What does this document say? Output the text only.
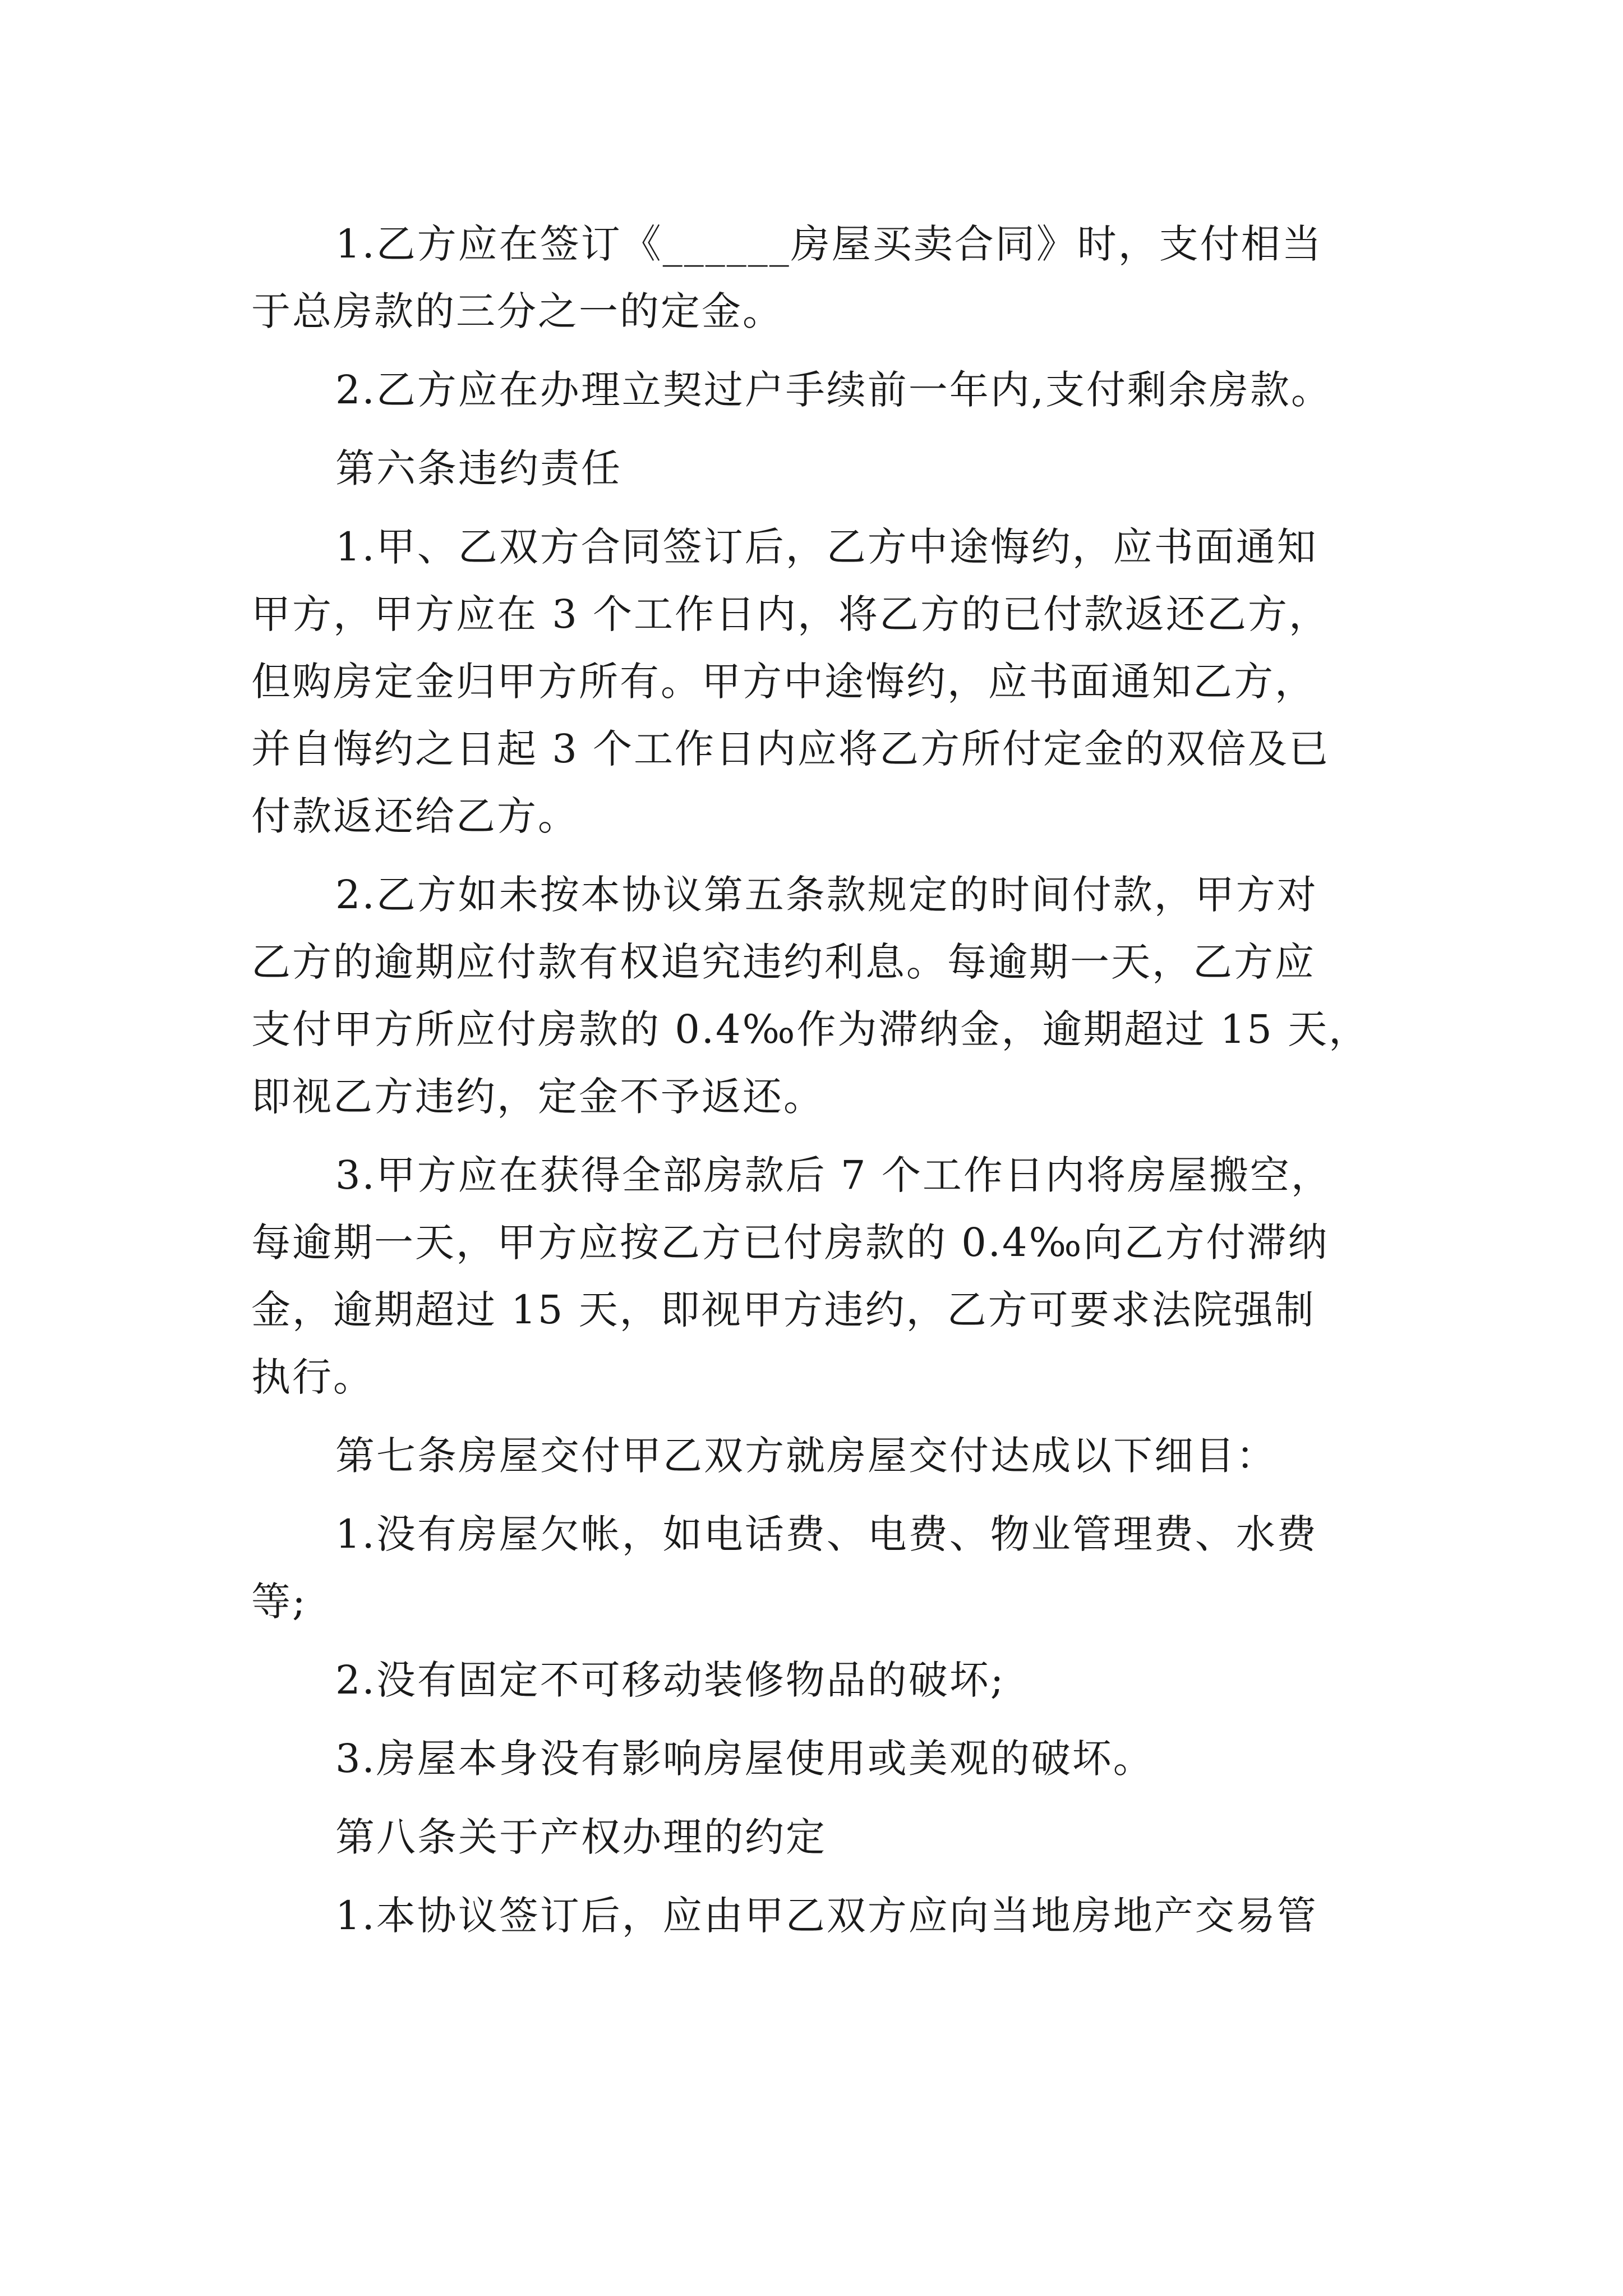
1.乙方应在签订《______房屋买卖合同》时，支付相当
于总房款的三分之一的定金。
2.乙方应在办理立契过户手续前一年内,支付剩余房款。
第六条违约责任
1.甲、乙双方合同签订后，乙方中途悔约，应书面通知
甲方，甲方应在 3 个工作日内，将乙方的已付款返还乙方，
但购房定金归甲方所有。甲方中途悔约，应书面通知乙方，
并自悔约之日起 3 个工作日内应将乙方所付定金的双倍及已
付款返还给乙方。
2.乙方如未按本协议第五条款规定的时间付款，甲方对
乙方的逾期应付款有权追究违约利息。每逾期一天，乙方应
支付甲方所应付房款的 0.4‰作为滞纳金，逾期超过 15 天，
即视乙方违约，定金不予返还。
3.甲方应在获得全部房款后 7 个工作日内将房屋搬空，
每逾期一天，甲方应按乙方已付房款的 0.4‰向乙方付滞纳
金，逾期超过 15 天，即视甲方违约，乙方可要求法院强制
执行。
第七条房屋交付甲乙双方就房屋交付达成以下细目：
1.没有房屋欠帐，如电话费、电费、物业管理费、水费
等;
2.没有固定不可移动装修物品的破坏;
3.房屋本身没有影响房屋使用或美观的破坏。
第八条关于产权办理的约定
1.本协议签订后，应由甲乙双方应向当地房地产交易管
